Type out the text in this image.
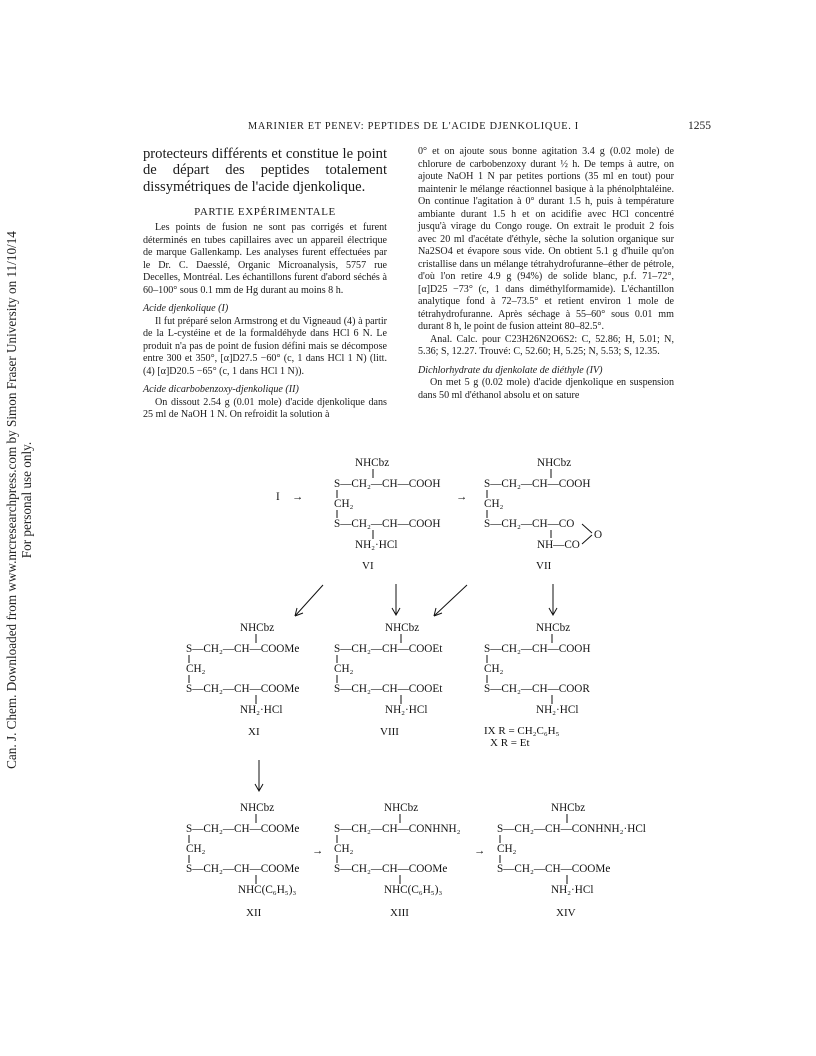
Can. J. Chem. Downloaded from www.nrcresearchpress.com by Simon Fraser University on 11/10/14 For personal use only.
MARINIER ET PENEV: PEPTIDES DE L'ACIDE DJENKOLIQUE. I	1255

protecteurs différents et constitue le point de départ des peptides totalement dissymétriques de l'acide djenkolique.

PARTIE EXPÉRIMENTALE

Les points de fusion ne sont pas corrigés et furent déterminés en tubes capillaires avec un appareil électrique de marque Gallenkamp. Les analyses furent effectuées par le Dr. C. Daesslé, Organic Microanalysis, 5757 rue Decelles, Montréal. Les échantillons furent d'abord séchés à 60–100° sous 0.1 mm de Hg durant au moins 8 h.

Acide djenkolique (I)

Il fut préparé selon Armstrong et du Vigneaud (4) à partir de la L-cystéine et de la formaldéhyde dans HCl 6 N. Le produit n'a pas de point de fusion défini mais se décompose entre 300 et 350°, [α]D27.5 −60° (c, 1 dans HCl 1 N) (litt. (4) [α]D20.5 −65° (c, 1 dans HCl 1 N)).

Acide dicarbobenzoxy-djenkolique (II)

On dissout 2.54 g (0.01 mole) d'acide djenkolique dans 25 ml de NaOH 1 N. On refroidit la solution à

0° et on ajoute sous bonne agitation 3.4 g (0.02 mole) de chlorure de carbobenzoxy durant ½ h. De temps à autre, on ajoute NaOH 1 N par petites portions (35 ml en tout) pour maintenir le mélange réactionnel basique à la phénolphtaléine. On continue l'agitation à 0° durant 1.5 h, puis à température ambiante durant 1.5 h et on acidifie avec HCl concentré jusqu'à virage du Congo rouge. On extrait le produit 2 fois avec 20 ml d'acétate d'éthyle, sèche la solution organique sur Na2SO4 et évapore sous vide. On obtient 5.1 g d'huile qu'on cristallise dans un mélange tétrahydrofuranne–éther de pétrole, d'où l'on retire 4.9 g (94%) de solide blanc, p.f. 71–72°, [α]D25 −73° (c, 1 dans diméthylformamide). L'échantillon analytique fond à 72–73.5° et retient environ 1 mole de tétrahydrofuranne. Après séchage à 55–60° sous 0.01 mm durant 8 h, le point de fusion atteint 80–82.5°.

Anal. Calc. pour C23H26N2O6S2: C, 52.86; H, 5.01; N, 5.36; S, 12.27. Trouvé: C, 52.60; H, 5.25; N, 5.53; S, 12.35.

Dichlorhydrate du djenkolate de diéthyle (IV)

On met 5 g (0.02 mole) d'acide djenkolique en suspension dans 50 ml d'éthanol absolu et on sature

I →
NHCbz
S—CH₂—CH—COOH
CH₂
S—CH₂—CH—COOH
NH₂·HCl
VI
→
NHCbz
S—CH₂—CH—COOH
CH₂
S—CH₂—CH—CO
NH—CO
O
VII
NHCbz
S—CH₂—CH—COOMe
CH₂
S—CH₂—CH—COOMe
NH₂·HCl
XI
NHCbz
S—CH₂—CH—COOEt
CH₂
S—CH₂—CH—COOEt
NH₂·HCl
VIII
NHCbz
S—CH₂—CH—COOH
CH₂
S—CH₂—CH—COOR
NH₂·HCl
IX R = CH₂C₆H₅
X R = Et
NHCbz
S—CH₂—CH—COOMe
CH₂
S—CH₂—CH—COOMe
NHC(C₆H₅)₃
XII
→
NHCbz
S—CH₂—CH—CONHNH₂
CH₂
S—CH₂—CH—COOMe
NHC(C₆H₅)₃
XIII
→
NHCbz
S—CH₂—CH—CONHNH₂·HCl
CH₂
S—CH₂—CH—COOMe
NH₂·HCl
XIV
